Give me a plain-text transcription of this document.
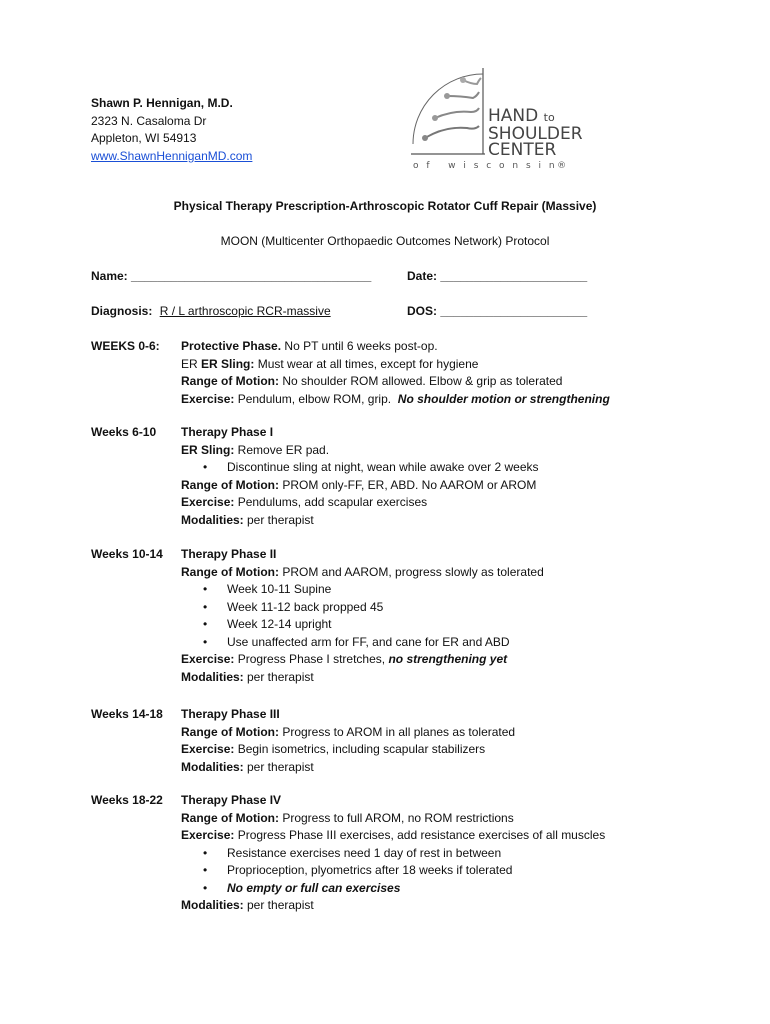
Shawn P. Hennigan, M.D.
2323 N. Casaloma Dr
Appleton, WI 54913
www.ShawnHenniganMD.com
HAND to
SHOULDER
CENTER
o f   w i s c o n s i n®
Physical Therapy Prescription-Arthroscopic Rotator Cuff Repair (Massive)
MOON (Multicenter Orthopaedic Outcomes Network) Protocol
Name: ____________________________________	Date: ______________________
Diagnosis: R / L arthroscopic RCR-massive	DOS: ______________________
WEEKS 0-6: Protective Phase. No PT until 6 weeks post-op.
ER ER Sling: Must wear at all times, except for hygiene
Range of Motion: No shoulder ROM allowed. Elbow & grip as tolerated
Exercise: Pendulum, elbow ROM, grip.  No shoulder motion or strengthening
Weeks 6-10 Therapy Phase I
ER Sling: Remove ER pad.
• Discontinue sling at night, wean while awake over 2 weeks
Range of Motion: PROM only-FF, ER, ABD. No AAROM or AROM
Exercise: Pendulums, add scapular exercises
Modalities: per therapist
Weeks 10-14 Therapy Phase II
Range of Motion: PROM and AAROM, progress slowly as tolerated
• Week 10-11 Supine
• Week 11-12 back propped 45
• Week 12-14 upright
• Use unaffected arm for FF, and cane for ER and ABD
Exercise: Progress Phase I stretches, no strengthening yet
Modalities: per therapist
Weeks 14-18 Therapy Phase III
Range of Motion: Progress to AROM in all planes as tolerated
Exercise: Begin isometrics, including scapular stabilizers
Modalities: per therapist
Weeks 18-22 Therapy Phase IV
Range of Motion: Progress to full AROM, no ROM restrictions
Exercise: Progress Phase III exercises, add resistance exercises of all muscles
• Resistance exercises need 1 day of rest in between
• Proprioception, plyometrics after 18 weeks if tolerated
• No empty or full can exercises
Modalities: per therapist
